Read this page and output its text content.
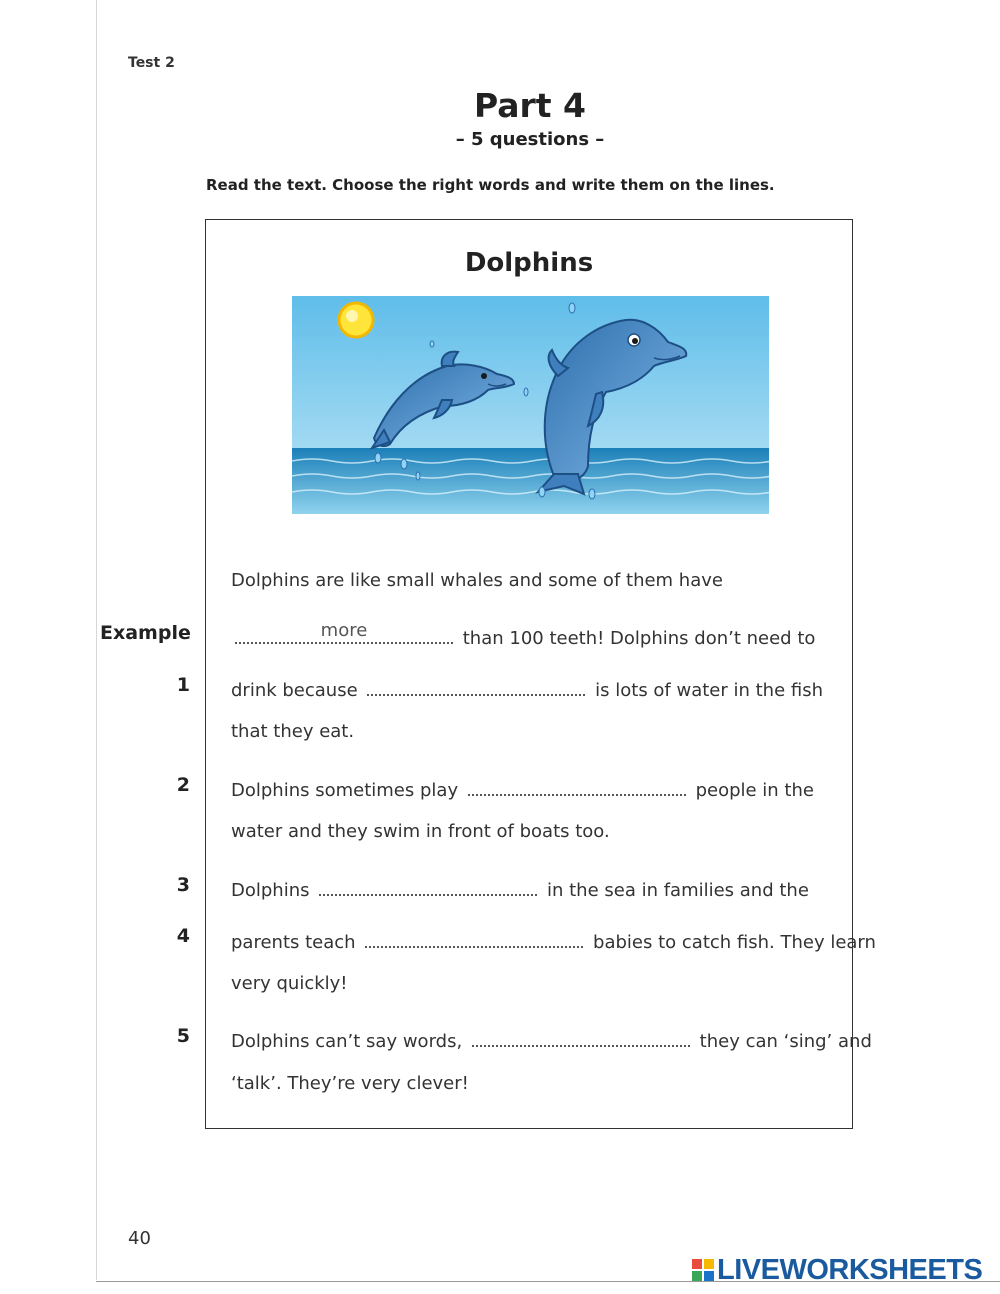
Test 2
Part 4
– 5 questions –
Read the text. Choose the right words and write them on the lines.
Dolphins
Dolphins are like small whales and some of them have
more	than 100 teeth! Dolphins don’t need to
drink because	is lots of water in the fish
that they eat.
Dolphins sometimes play	people in the
water and they swim in front of boats too.
Dolphins	in the sea in families and the
parents teach	babies to catch fish. They learn
very quickly!
Dolphins can’t say words,	they can ‘sing’ and
‘talk’. They’re very clever!
Example
1
2
3
4
5
40
LIVEWORKSHEETS
